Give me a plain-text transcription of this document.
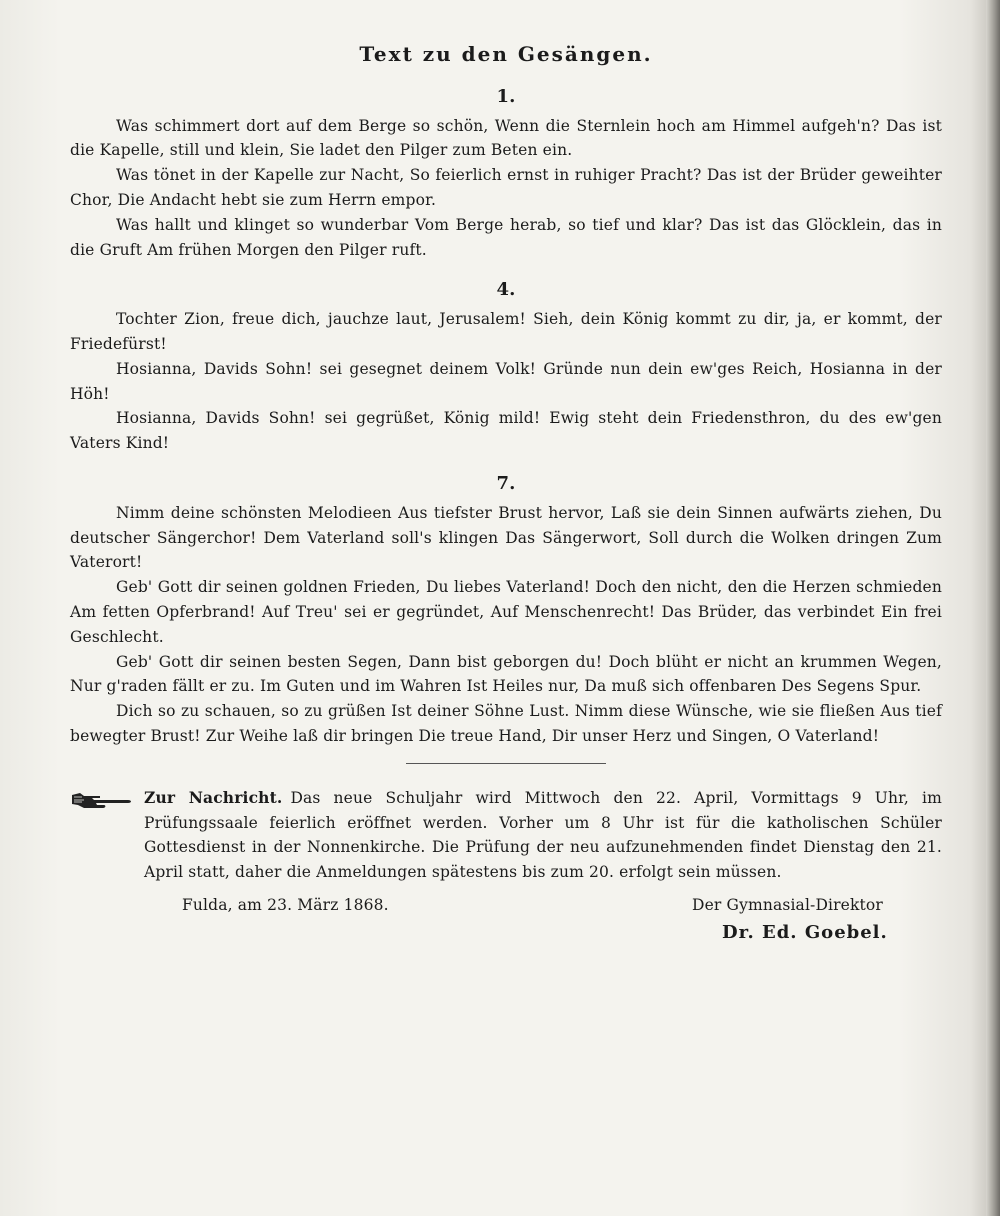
Text zu den Gesängen.
1.

Was schimmert dort auf dem Berge so schön, Wenn die Sternlein hoch am Himmel aufgeh'n? Das ist die Kapelle, still und klein, Sie ladet den Pilger zum Beten ein.

Was tönet in der Kapelle zur Nacht, So feierlich ernst in ruhiger Pracht? Das ist der Brüder geweihter Chor, Die Andacht hebt sie zum Herrn empor.

Was hallt und klinget so wunderbar Vom Berge herab, so tief und klar? Das ist das Glöcklein, das in die Gruft Am frühen Morgen den Pilger ruft.

4.

Tochter Zion, freue dich, jauchze laut, Jerusalem! Sieh, dein König kommt zu dir, ja, er kommt, der Friedefürst!

Hosianna, Davids Sohn! sei gesegnet deinem Volk! Gründe nun dein ew'ges Reich, Hosianna in der Höh!

Hosianna, Davids Sohn! sei gegrüßet, König mild! Ewig steht dein Friedensthron, du des ew'gen Vaters Kind!

7.

Nimm deine schönsten Melodieen Aus tiefster Brust hervor, Laß sie dein Sinnen aufwärts ziehen, Du deutscher Sängerchor! Dem Vaterland soll's klingen Das Sängerwort, Soll durch die Wolken dringen Zum Vaterort!

Geb' Gott dir seinen goldnen Frieden, Du liebes Vaterland! Doch den nicht, den die Herzen schmieden Am fetten Opferbrand! Auf Treu' sei er gegründet, Auf Menschenrecht! Das Brüder, das verbindet Ein frei Geschlecht.

Geb' Gott dir seinen besten Segen, Dann bist geborgen du! Doch blüht er nicht an krummen Wegen, Nur g'raden fällt er zu. Im Guten und im Wahren Ist Heiles nur, Da muß sich offenbaren Des Segens Spur.

Dich so zu schauen, so zu grüßen Ist deiner Söhne Lust. Nimm diese Wünsche, wie sie fließen Aus tief bewegter Brust! Zur Weihe laß dir bringen Die treue Hand, Dir unser Herz und Singen, O Vaterland!

Zur Nachricht. Das neue Schuljahr wird Mittwoch den 22. April, Vormittags 9 Uhr, im Prüfungssaale feierlich eröffnet werden. Vorher um 8 Uhr ist für die katholischen Schüler Gottesdienst in der Nonnenkirche. Die Prüfung der neu aufzunehmenden findet Dienstag den 21. April statt, daher die Anmeldungen spätestens bis zum 20. erfolgt sein müssen.

Fulda, am 23. März 1868.	Der Gymnasial-Direktor
Dr. Ed. Goebel.
